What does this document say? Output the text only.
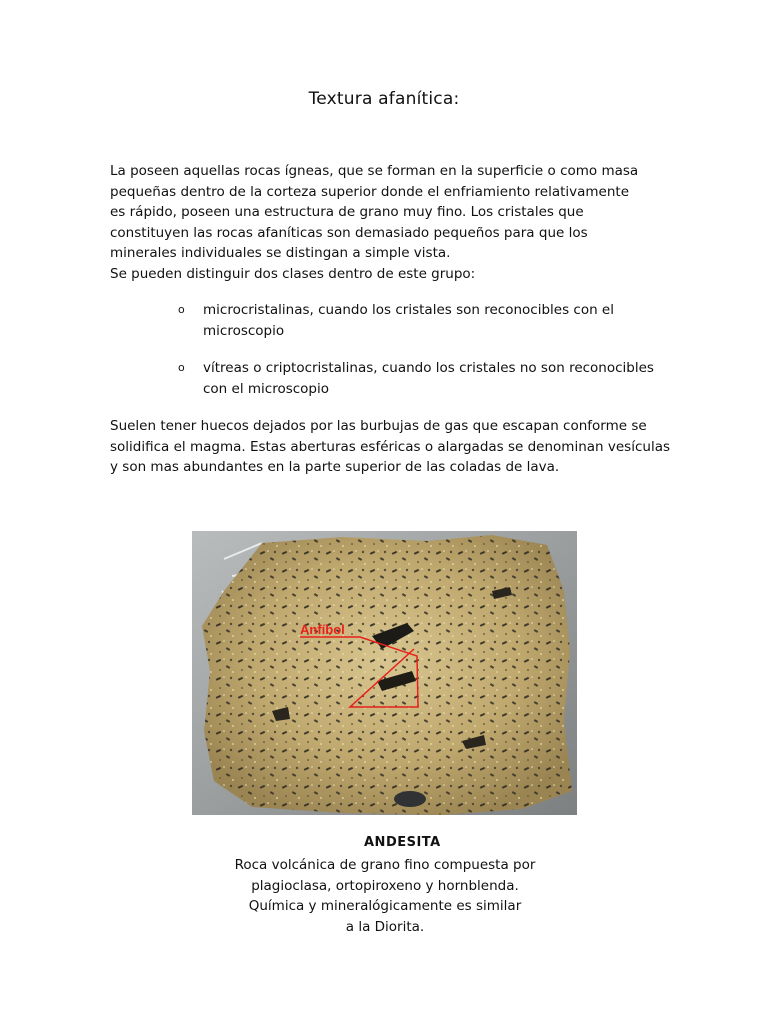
Textura afanítica:
La poseen aquellas rocas ígneas, que se forman en la superficie o como masa
pequeñas dentro de la corteza superior donde el enfriamiento relativamente
es rápido, poseen una estructura de grano muy fino. Los cristales que
constituyen las rocas afaníticas son demasiado pequeños para que los
minerales individuales se distingan a simple vista.
Se pueden distinguir dos clases dentro de este grupo:
o microcristalinas, cuando los cristales son reconocibles con el microscopio
o vítreas o criptocristalinas, cuando los cristales no son reconocibles con el microscopio
Suelen tener huecos dejados por las burbujas de gas que escapan conforme se solidifica el magma. Estas aberturas esféricas o alargadas se denominan vesículas y son mas abundantes en la parte superior de las coladas de lava.
Anfíbol
ANDESITA
Roca volcánica de grano fino compuesta por
plagioclasa, ortopiroxeno y hornblenda.
Química y mineralógicamente es similar
a la Diorita.
